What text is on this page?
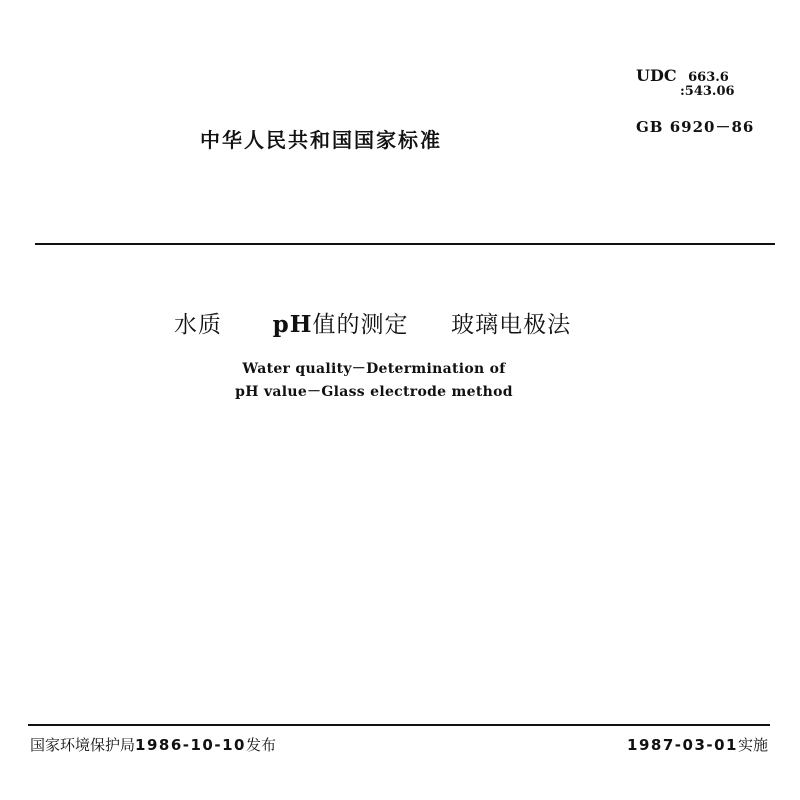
UDC 663.6
:543.06
GB 6920－86
中华人民共和国国家标准
水质 pH值的测定 玻璃电极法
Water quality－Determination of
pH value－Glass electrode method
国家环境保护局1986-10-10发布	1987-03-01实施
